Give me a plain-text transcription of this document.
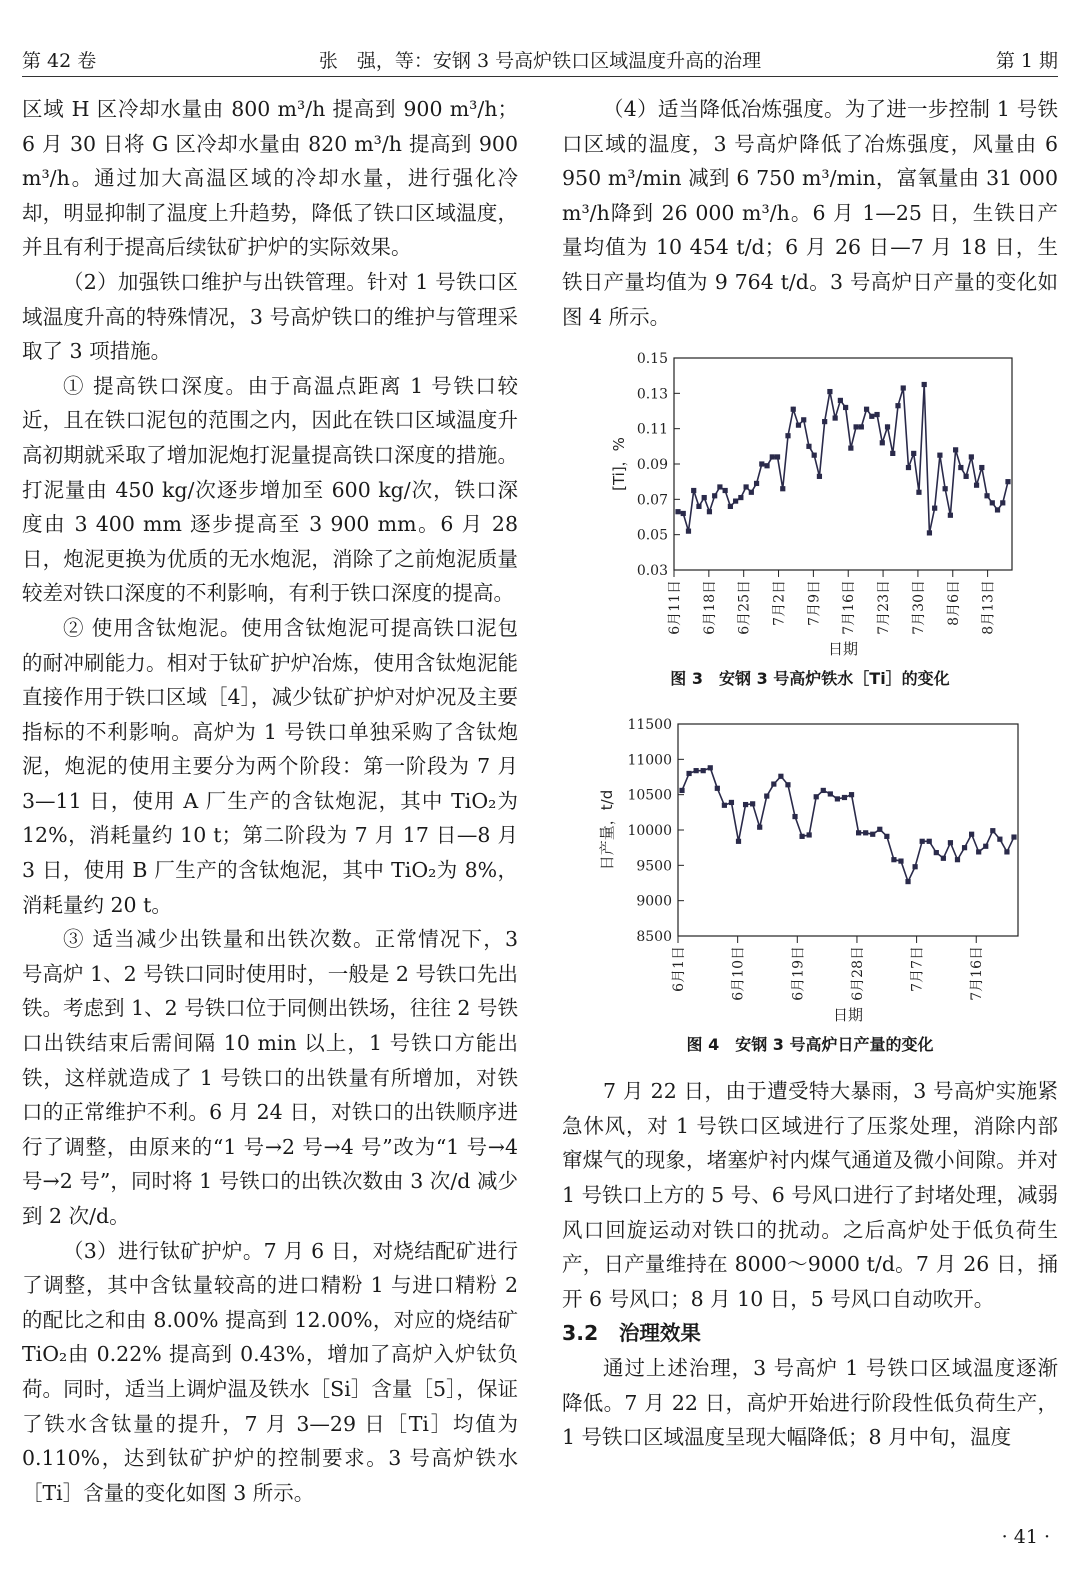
第 42 卷	张　强，等：安钢 3 号高炉铁口区域温度升高的治理	第 1 期

区域 H 区冷却水量由 800 m³/h 提高到 900 m³/h；6 月 30 日将 G 区冷却水量由 820 m³/h 提高到 900 m³/h。通过加大高温区域的冷却水量，进行强化冷却，明显抑制了温度上升趋势，降低了铁口区域温度，并且有利于提高后续钛矿护炉的实际效果。

（2）加强铁口维护与出铁管理。针对 1 号铁口区域温度升高的特殊情况，3 号高炉铁口的维护与管理采取了 3 项措施。

① 提高铁口深度。由于高温点距离 1 号铁口较近，且在铁口泥包的范围之内，因此在铁口区域温度升高初期就采取了增加泥炮打泥量提高铁口深度的措施。打泥量由 450 kg/次逐步增加至 600 kg/次，铁口深度由 3 400 mm 逐步提高至 3 900 mm。6 月 28 日，炮泥更换为优质的无水炮泥，消除了之前炮泥质量较差对铁口深度的不利影响，有利于铁口深度的提高。

② 使用含钛炮泥。使用含钛炮泥可提高铁口泥包的耐冲刷能力。相对于钛矿护炉冶炼，使用含钛炮泥能直接作用于铁口区域［4］，减少钛矿护炉对炉况及主要指标的不利影响。高炉为 1 号铁口单独采购了含钛炮泥，炮泥的使用主要分为两个阶段：第一阶段为 7 月 3—11 日，使用 A 厂生产的含钛炮泥，其中 TiO₂为 12%，消耗量约 10 t；第二阶段为 7 月 17 日—8 月 3 日，使用 B 厂生产的含钛炮泥，其中 TiO₂为 8%，消耗量约 20 t。

③ 适当减少出铁量和出铁次数。正常情况下，3 号高炉 1、2 号铁口同时使用时，一般是 2 号铁口先出铁。考虑到 1、2 号铁口位于同侧出铁场，往往 2 号铁口出铁结束后需间隔 10 min 以上，1 号铁口方能出铁，这样就造成了 1 号铁口的出铁量有所增加，对铁口的正常维护不利。6 月 24 日，对铁口的出铁顺序进行了调整，由原来的“1 号→2 号→4 号”改为“1 号→4 号→2 号”，同时将 1 号铁口的出铁次数由 3 次/d 减少到 2 次/d。

（3）进行钛矿护炉。7 月 6 日，对烧结配矿进行了调整，其中含钛量较高的进口精粉 1 与进口精粉 2 的配比之和由 8.00% 提高到 12.00%，对应的烧结矿 TiO₂由 0.22% 提高到 0.43%，增加了高炉入炉钛负荷。同时，适当上调炉温及铁水［Si］含量［5］，保证了铁水含钛量的提升，7 月 3—29 日［Ti］均值为 0.110%，达到钛矿护炉的控制要求。3 号高炉铁水［Ti］含量的变化如图 3 所示。

（4）适当降低冶炼强度。为了进一步控制 1 号铁口区域的温度，3 号高炉降低了冶炼强度，风量由 6 950 m³/min 减到 6 750 m³/min，富氧量由 31 000 m³/h降到 26 000 m³/h。6 月 1—25 日，生铁日产量均值为 10 454 t/d；6 月 26 日—7 月 18 日，生铁日产量均值为 9 764 t/d。3 号高炉日产量的变化如图 4 所示。

0.15
0.13
0.11
0.09
0.07
0.05
0.03
6月11日 6月18日 6月25日 7月2日 7月9日 7月16日 7月23日 7月30日 8月6日 8月13日
[Ti]，%
日期
图 3　安钢 3 号高炉铁水［Ti］的变化
11500
11000
10500
10000
9500
9000
8500
6月1日	6月10日	6月19日	6月28日	7月7日	7月16日
日产量，t/d
日期
图 4　安钢 3 号高炉日产量的变化

7 月 22 日，由于遭受特大暴雨，3 号高炉实施紧急休风，对 1 号铁口区域进行了压浆处理，消除内部窜煤气的现象，堵塞炉衬内煤气通道及微小间隙。并对 1 号铁口上方的 5 号、6 号风口进行了封堵处理，减弱风口回旋运动对铁口的扰动。之后高炉处于低负荷生产，日产量维持在 8000～9000 t/d。7 月 26 日，捅开 6 号风口；8 月 10 日，5 号风口自动吹开。

3.2　治理效果

通过上述治理，3 号高炉 1 号铁口区域温度逐渐降低。7 月 22 日，高炉开始进行阶段性低负荷生产，1 号铁口区域温度呈现大幅降低；8 月中旬，温度

· 41 ·
